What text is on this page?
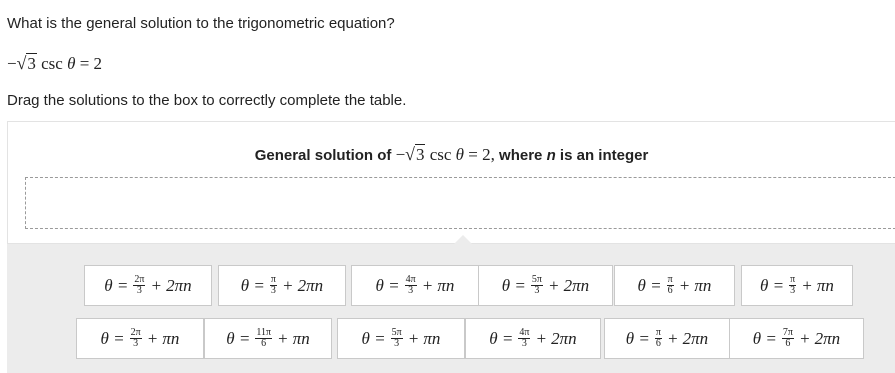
What is the general solution to the trigonometric equation?
−√3 csc θ = 2
Drag the solutions to the box to correctly complete the table.
General solution of −√3 csc θ = 2, where n is an integer
$\theta = \frac{2\pi}{3} + 2\pi n$	$\theta = \frac{\pi}{3} + 2\pi n$	$\theta = \frac{4\pi}{3} + \pi n$	$\theta = \frac{5\pi}{3} + 2\pi n$	$\theta = \frac{\pi}{6} + \pi n$	$\theta = \frac{\pi}{3} + \pi n$
$\theta = \frac{2\pi}{3} + \pi n$	$\theta = \frac{11\pi}{6} + \pi n$	$\theta = \frac{5\pi}{3} + \pi n$	$\theta = \frac{4\pi}{3} + 2\pi n$	$\theta = \frac{\pi}{6} + 2\pi n$	$\theta = \frac{7\pi}{6} + 2\pi n$
